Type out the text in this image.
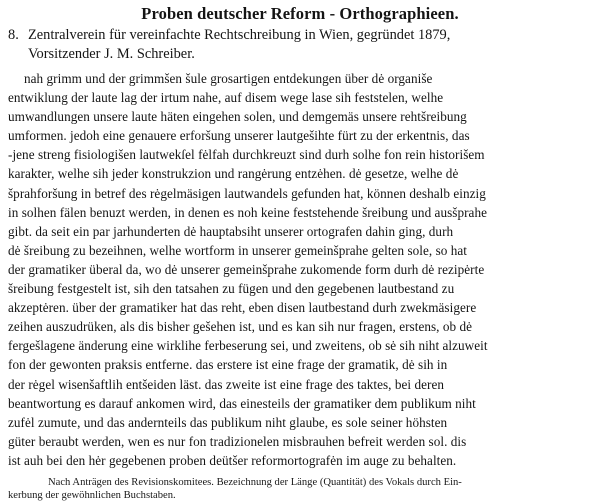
Proben deutscher Reform - Orthographieen.
8. Zentralverein für vereinfachte Rechtschreibung in Wien, gegründet 1879,
Vorsitzender J. M. Schreiber.
nah grimm und der grimmšen šule grosartigen entdekungen über dė organiše
entwiklung der laute lag der irtum nahe, auf disem wege lase sih feststelen, welhe
umwandlungen unsere laute häten eingehen solen, und demgemäs unsere rehtšreibung
umformen. jedoh eine genauere erforšung unserer lautgešihte fürt zu der erkentnis, das
-jene streng fisiologišen lautwekſel fėlfah durchkreuzt sind durh solhe fon rein historišem
karakter, welhe sih jeder konstrukzion und rangėrung entzėhen. dė gesetze, welhe dė
šprahforšung in betref des rėgelmäsigen lautwandels gefunden hat, können deshalb einzig
in solhen fälen benuzt werden, in denen es noh keine feststehende šreibung und ausšprahe
gibt. da seit ein par jarhunderten dė hauptabsiht unserer ortografen dahin ging, durh
dė šreibung zu bezeihnen, welhe wortform in unserer gemeinšprahe gelten sole, so hat
der gramatiker überal da, wo dė unserer gemeinšprahe zukomende form durh dė rezipėrte
šreibung festgestelt ist, sih den tatsahen zu fügen und den gegebenen lautbestand zu
akzeptėren. über der gramatiker hat das reht, eben disen lautbestand durh zwekmäsigere
zeihen auszudrüken, als dis bisher gešehen ist, und es kan sih nur fragen, erstens, ob dė
fergešlagene änderung eine wirklihe ferbeserung sei, und zweitens, ob sė sih niht alzuweit
fon der gewonten praksis entferne. das erstere ist eine frage der gramatik, dė sih in
der rėgel wisenšaftlih entšeiden läst. das zweite ist eine frage des taktes, bei deren
beantwortung es darauf ankomen wird, das einesteils der gramatiker dem publikum niht
zufėl zumute, und das andernteils das publikum niht glaube, es sole seiner höhsten
güter beraubt werden, wen es nur fon tradizionelen misbrauhen befreit werden sol. dis
ist auh bei den hėr gegebenen proben deütšer reformortografėn im auge zu behalten.
Nach Anträgen des Revisionskomitees. Bezeichnung der Länge (Quantität) des Vokals durch Ein-
kerbung der gewöhnlichen Buchstaben.
